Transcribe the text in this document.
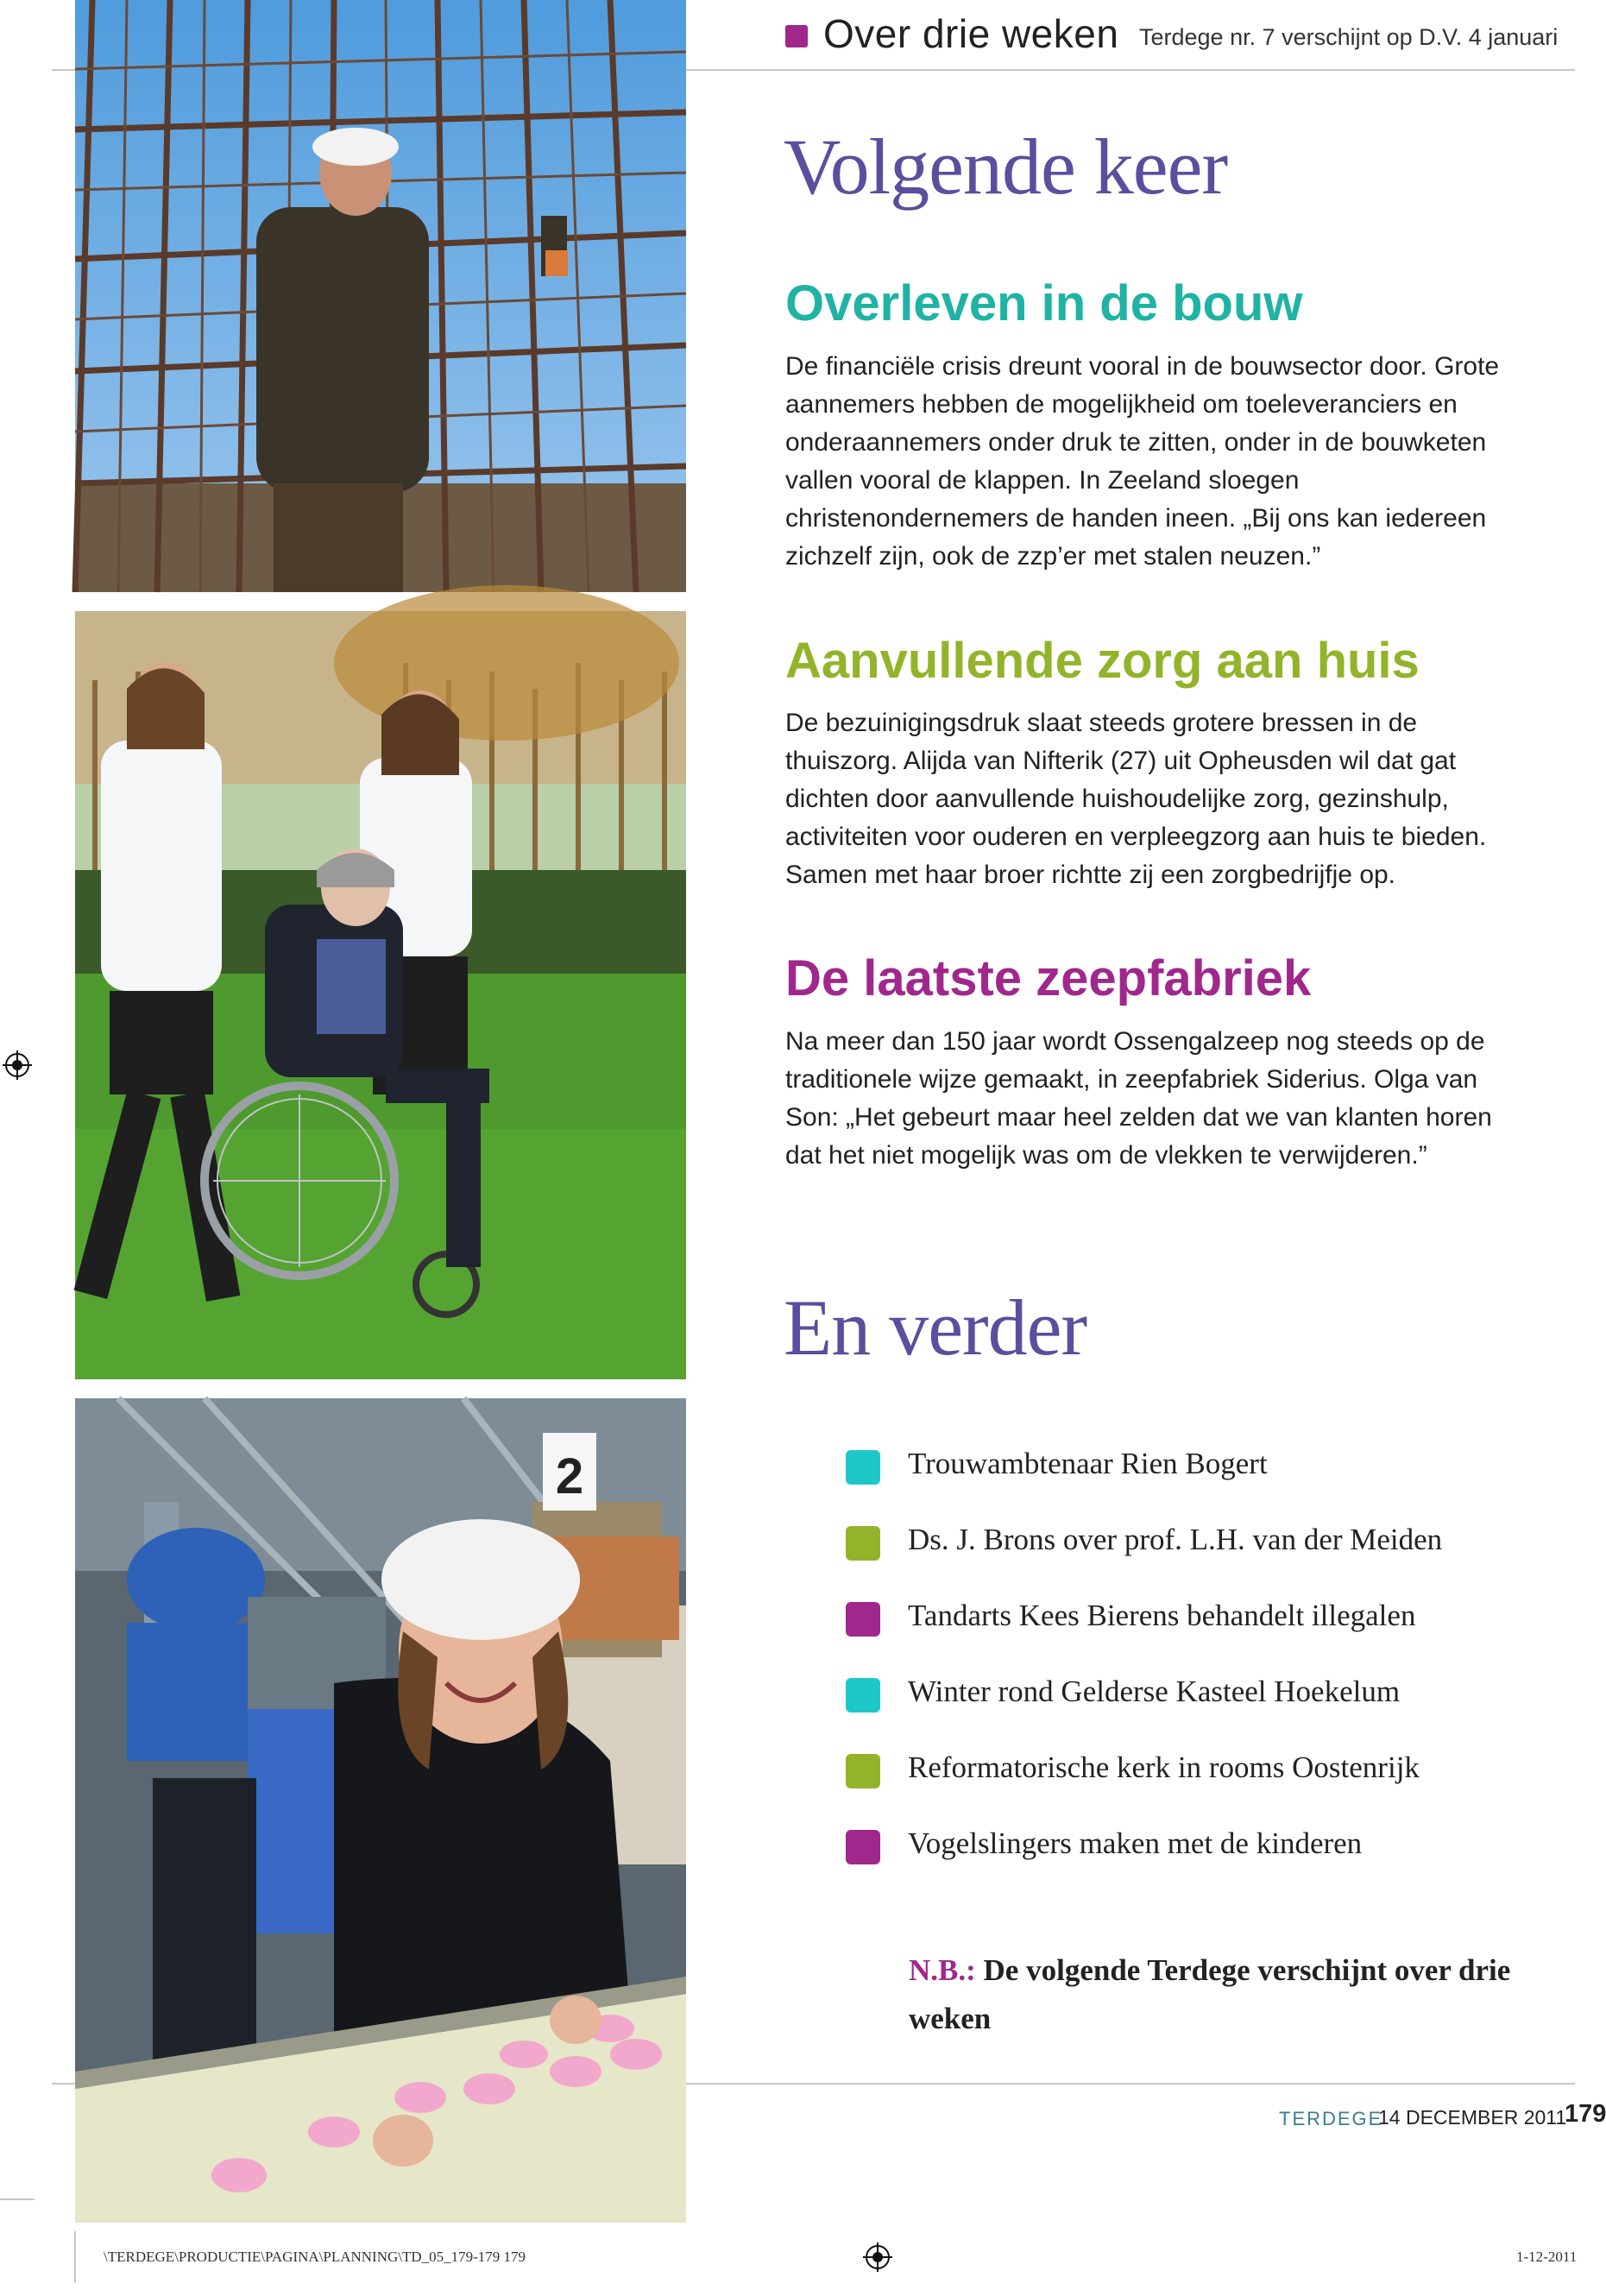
2
Over drie weken Terdege nr. 7 verschijnt op D.V. 4 januari
Volgende keer
Overleven in de bouw
De financiële crisis dreunt vooral in de bouwsector door. Grote aannemers hebben de mogelijkheid om toeleveranciers en onderaannemers onder druk te zitten, onder in de bouwketen vallen vooral de klappen. In Zeeland sloegen christenondernemers de handen ineen. „Bij ons kan iedereen zichzelf zijn, ook de zzp’er met stalen neuzen.”
Aanvullende zorg aan huis
De bezuinigingsdruk slaat steeds grotere bressen in de thuiszorg. Alijda van Nifterik (27) uit Opheusden wil dat gat dichten door aanvullende huishoudelijke zorg, gezinshulp, activiteiten voor ouderen en verpleegzorg aan huis te bieden. Samen met haar broer richtte zij een zorgbedrijfje op.
De laatste zeepfabriek
Na meer dan 150 jaar wordt Ossengalzeep nog steeds op de traditionele wijze gemaakt, in zeepfabriek Siderius. Olga van Son: „Het gebeurt maar heel zelden dat we van klanten horen dat het niet mogelijk was om de vlekken te verwijderen.”
En verder
Trouwambtenaar Rien Bogert
Ds. J. Brons over prof. L.H. van der Meiden
Tandarts Kees Bierens behandelt illegalen
Winter rond Gelderse Kasteel Hoekelum
Reformatorische kerk in rooms Oostenrijk
Vogelslingers maken met de kinderen
N.B.: De volgende Terdege verschijnt over drie weken
TERDEGE
14 DECEMBER 2011
179
\TERDEGE\PRODUCTIE\PAGINA\PLANNING\TD_05_179-179 179	1-12-2011
